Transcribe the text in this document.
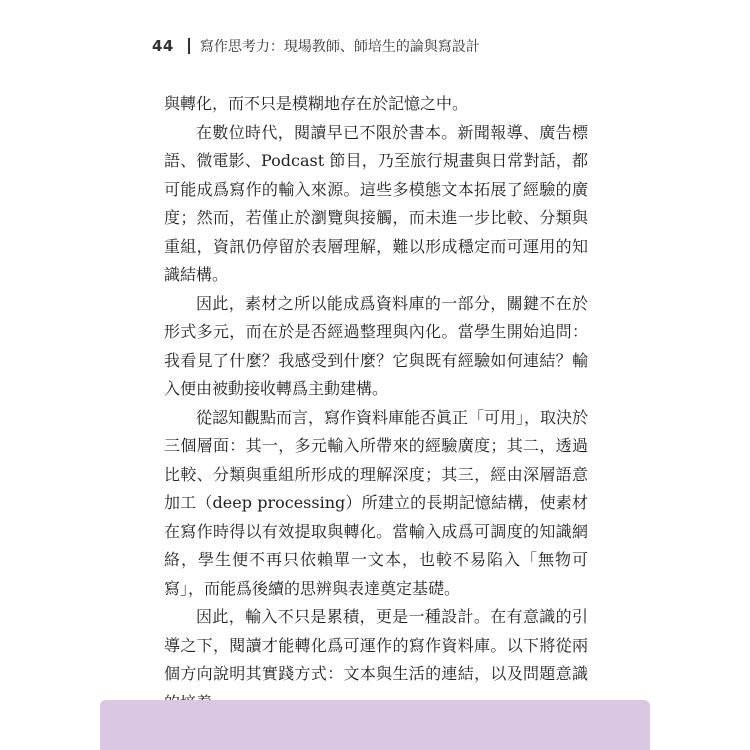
44 寫作思考力：現場教師、師培生的論與寫設計

與轉化，而不只是模糊地存在於記憶之中。

在數位時代，閱讀早已不限於書本。新聞報導、廣告標語、微電影、Podcast 節目，乃至旅行規畫與日常對話，都可能成爲寫作的輸入來源。這些多模態文本拓展了經驗的廣度；然而，若僅止於瀏覽與接觸，而未進一步比較、分類與重組，資訊仍停留於表層理解，難以形成穩定而可運用的知識結構。

因此，素材之所以能成爲資料庫的一部分，關鍵不在於形式多元，而在於是否經過整理與內化。當學生開始追問：我看見了什麼？我感受到什麼？它與既有經驗如何連結？輸入便由被動接收轉爲主動建構。

從認知觀點而言，寫作資料庫能否眞正「可用」，取決於三個層面：其一，多元輸入所帶來的經驗廣度；其二，透過比較、分類與重組所形成的理解深度；其三，經由深層語意加工（deep processing）所建立的長期記憶結構，使素材在寫作時得以有效提取與轉化。當輸入成爲可調度的知識網絡，學生便不再只依賴單一文本，也較不易陷入「無物可寫」，而能爲後續的思辨與表達奠定基礎。

因此，輸入不只是累積，更是一種設計。在有意識的引導之下，閱讀才能轉化爲可運作的寫作資料庫。以下將從兩個方向說明其實踐方式：文本與生活的連結，以及問題意識
